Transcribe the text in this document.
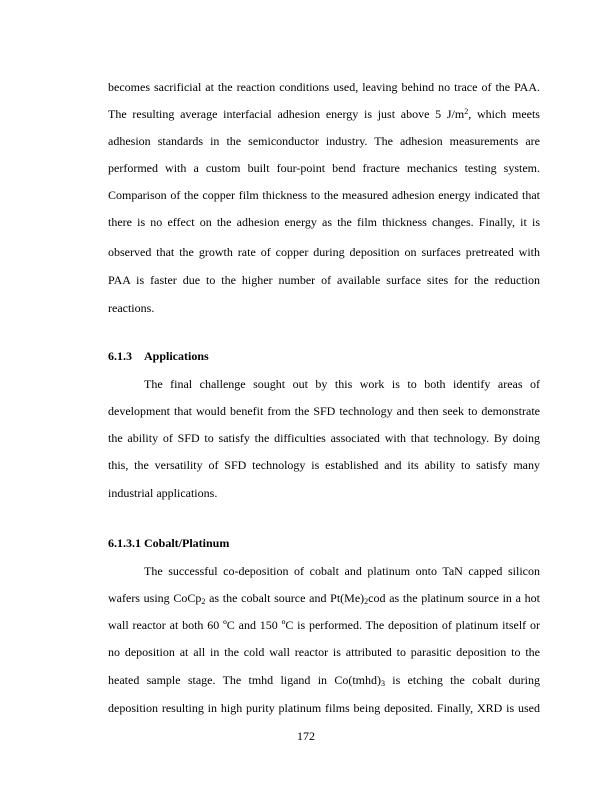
becomes sacrificial at the reaction conditions used, leaving behind no trace of the PAA.
The resulting average interfacial adhesion energy is just above 5 $J/m^2$, which meets
adhesion standards in the semiconductor industry. The adhesion measurements are
performed with a custom built four-point bend fracture mechanics testing system.
Comparison of the copper film thickness to the measured adhesion energy indicated that
there is no effect on the adhesion energy as the film thickness changes. Finally, it is
observed that the growth rate of copper during deposition on surfaces pretreated with
PAA is faster due to the higher number of available surface sites for the reduction
reactions.
6.1.3 Applications
The final challenge sought out by this work is to both identify areas of
development that would benefit from the SFD technology and then seek to demonstrate
the ability of SFD to satisfy the difficulties associated with that technology. By doing
this, the versatility of SFD technology is established and its ability to satisfy many
industrial applications.
6.1.3.1 Cobalt/Platinum
The successful co-deposition of cobalt and platinum onto TaN capped silicon
wafers using CoCp$_2$ as the cobalt source and $Pt(Me)_2cod$ as the platinum source in a hot
wall reactor at both 60 ºC and 150 ºC is performed. The deposition of platinum itself or
no deposition at all in the cold wall reactor is attributed to parasitic deposition to the
heated sample stage. The tmhd ligand in $Co(tmhd)_3$ is etching the cobalt during
deposition resulting in high purity platinum films being deposited. Finally, XRD is used
172
